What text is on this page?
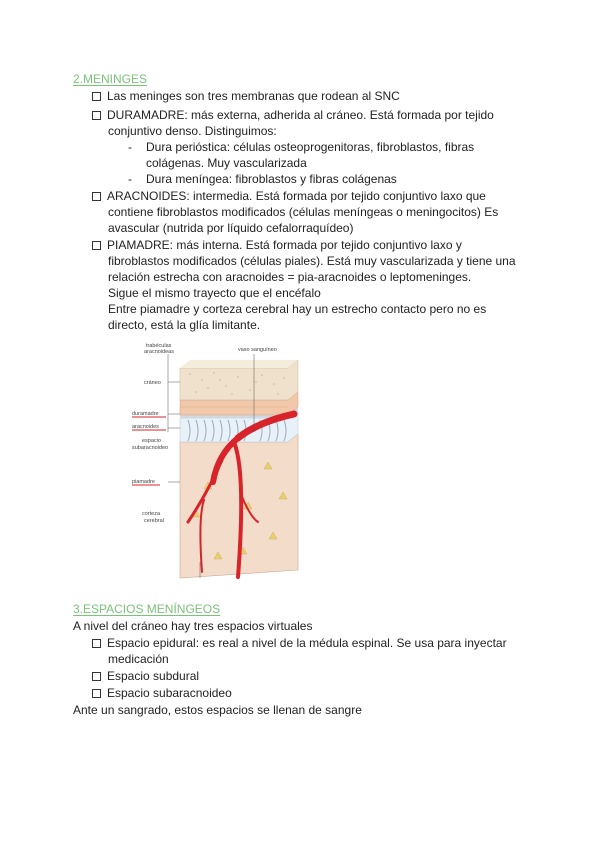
2.MENINGES
Las meninges son tres membranas que rodean al SNC
DURAMADRE: más externa, adherida al cráneo. Está formada por tejido
conjuntivo denso. Distinguimos:
- Dura perióstica: células osteoprogenitoras, fibroblastos, fibras
colágenas. Muy vascularizada
- Dura meníngea: fibroblastos y fibras colágenas
ARACNOIDES: intermedia. Está formada por tejido conjuntivo laxo que
contiene fibroblastos modificados (células meníngeas o meningocitos) Es
avascular (nutrida por líquido cefalorraquídeo)
PIAMADRE: más interna. Está formada por tejido conjuntivo laxo y
fibroblastos modificados (células piales). Está muy vascularizada y tiene una
relación estrecha con aracnoides = pia-aracnoides o leptomeninges.
Sigue el mismo trayecto que el encéfalo
Entre piamadre y corteza cerebral hay un estrecho contacto pero no es
directo, está la glía limitante.
trabéculas
aracnoideas	vaso sanguíneo
cráneo
duramadre
aracnoides
espacio
subaracnoideo
piamadre
corteza
cerebral
3.ESPACIOS MENÍNGEOS
A nivel del cráneo hay tres espacios virtuales
Espacio epidural: es real a nivel de la médula espinal. Se usa para inyectar
medicación
Espacio subdural
Espacio subaracnoideo
Ante un sangrado, estos espacios se llenan de sangre
